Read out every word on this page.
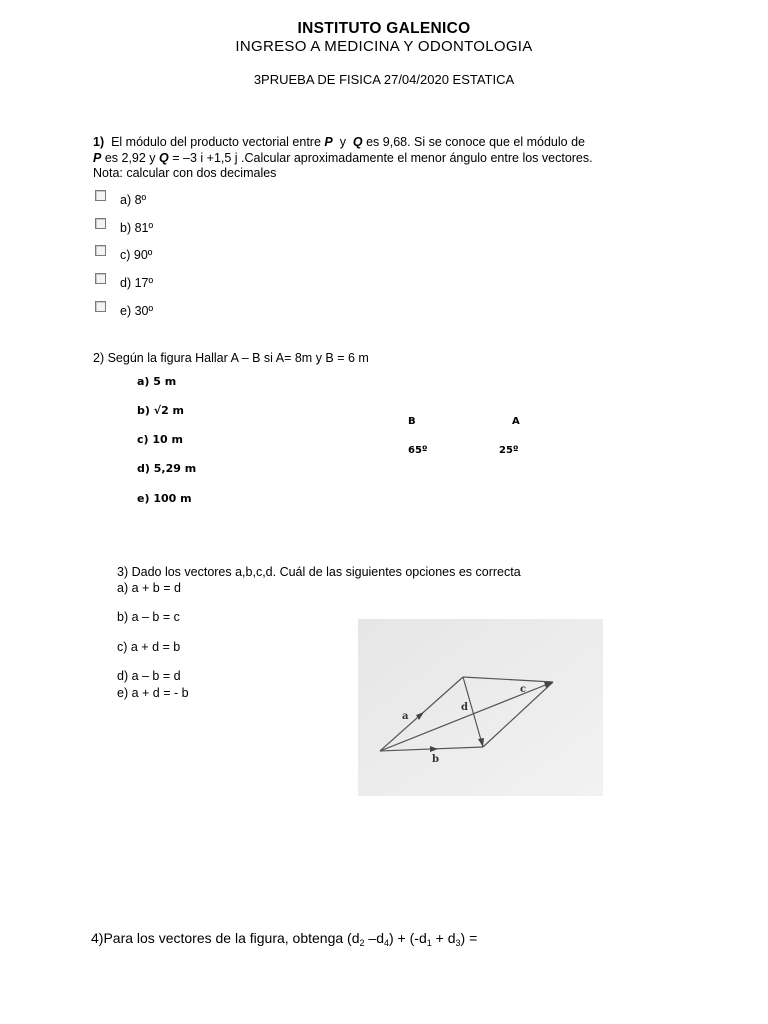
INSTITUTO GALENICO
INGRESO A MEDICINA Y ODONTOLOGIA
3PRUEBA DE FISICA 27/04/2020 ESTATICA
1) El módulo del producto vectorial entre P y Q es 9,68. Si se conoce que el módulo de
P es 2,92 y Q = –3 i +1,5 j .Calcular aproximadamente el menor ángulo entre los vectores.
Nota: calcular con dos decimales
a) 8º
b) 81º
c) 90º
d) 17º
e) 30º
2) Según la figura Hallar A – B si A= 8m y B = 6 m
a) 5 m
b) √2 m
c) 10 m
d) 5,29 m
e) 100 m
B	A
65º	25º
3) Dado los vectores a,b,c,d. Cuál de las siguientes opciones es correcta
a) a + b = d
b) a – b = c
c) a + d = b
d) a – b = d
e) a + d = - b
a
b
c
d
4)Para los vectores de la figura, obtenga ($d_2$ $-d_4) + (-d_1 + d_3)$ =
